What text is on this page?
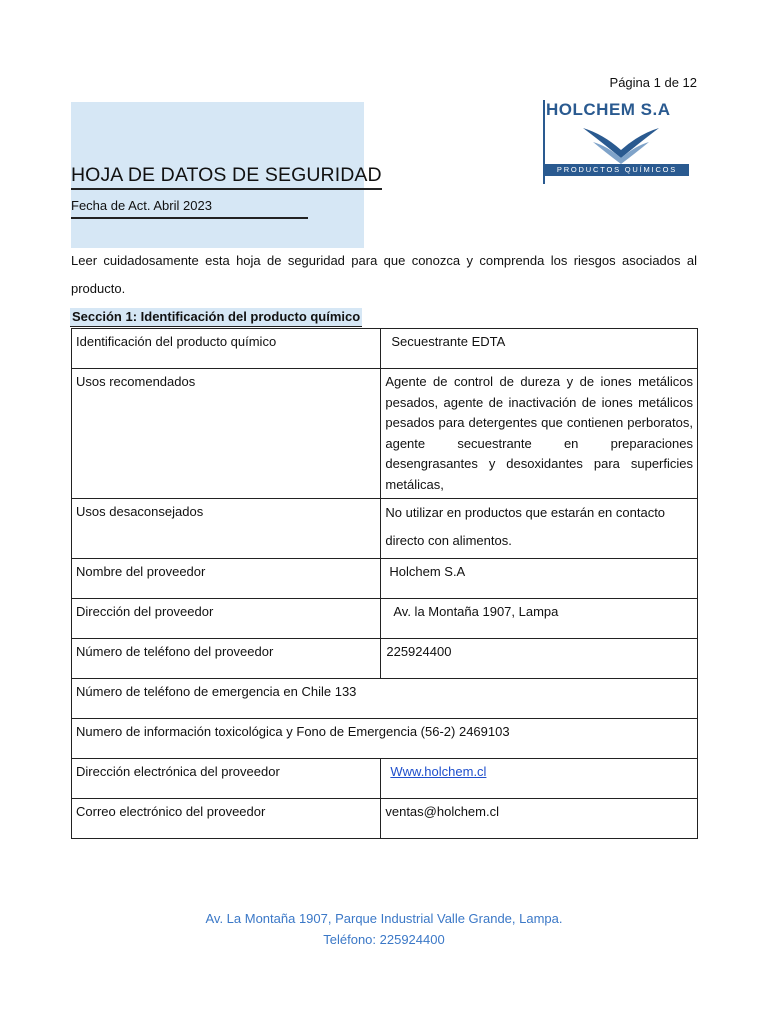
Página 1 de 12
HOJA DE DATOS DE SEGURIDAD
Fecha de Act. Abril 2023
HOLCHEM S.A
PRODUCTOS QUÍMICOS
Leer cuidadosamente esta hoja de seguridad para que conozca y comprenda los riesgos asociados al producto.
Sección 1: Identificación del producto químico
Identificación del producto químico	Secuestrante EDTA
Usos recomendados	Agente de control de dureza y de iones metálicos pesados, agente de inactivación de iones metálicos pesados para detergentes que contienen perboratos, agente secuestrante en preparaciones desengrasantes y desoxidantes para superficies metálicas,
Usos desaconsejados	No utilizar en productos que estarán en contacto directo con alimentos.
Nombre del proveedor	Holchem S.A
Dirección del proveedor	Av. la Montaña 1907, Lampa
Número de teléfono del proveedor	225924400
Número de teléfono de emergencia en Chile 133	
Numero de información toxicológica y Fono de Emergencia (56-2) 2469103	
Dirección electrónica del proveedor	Www.holchem.cl
Correo electrónico del proveedor	ventas@holchem.cl
Av. La Montaña 1907, Parque Industrial Valle Grande, Lampa.
Teléfono: 225924400
